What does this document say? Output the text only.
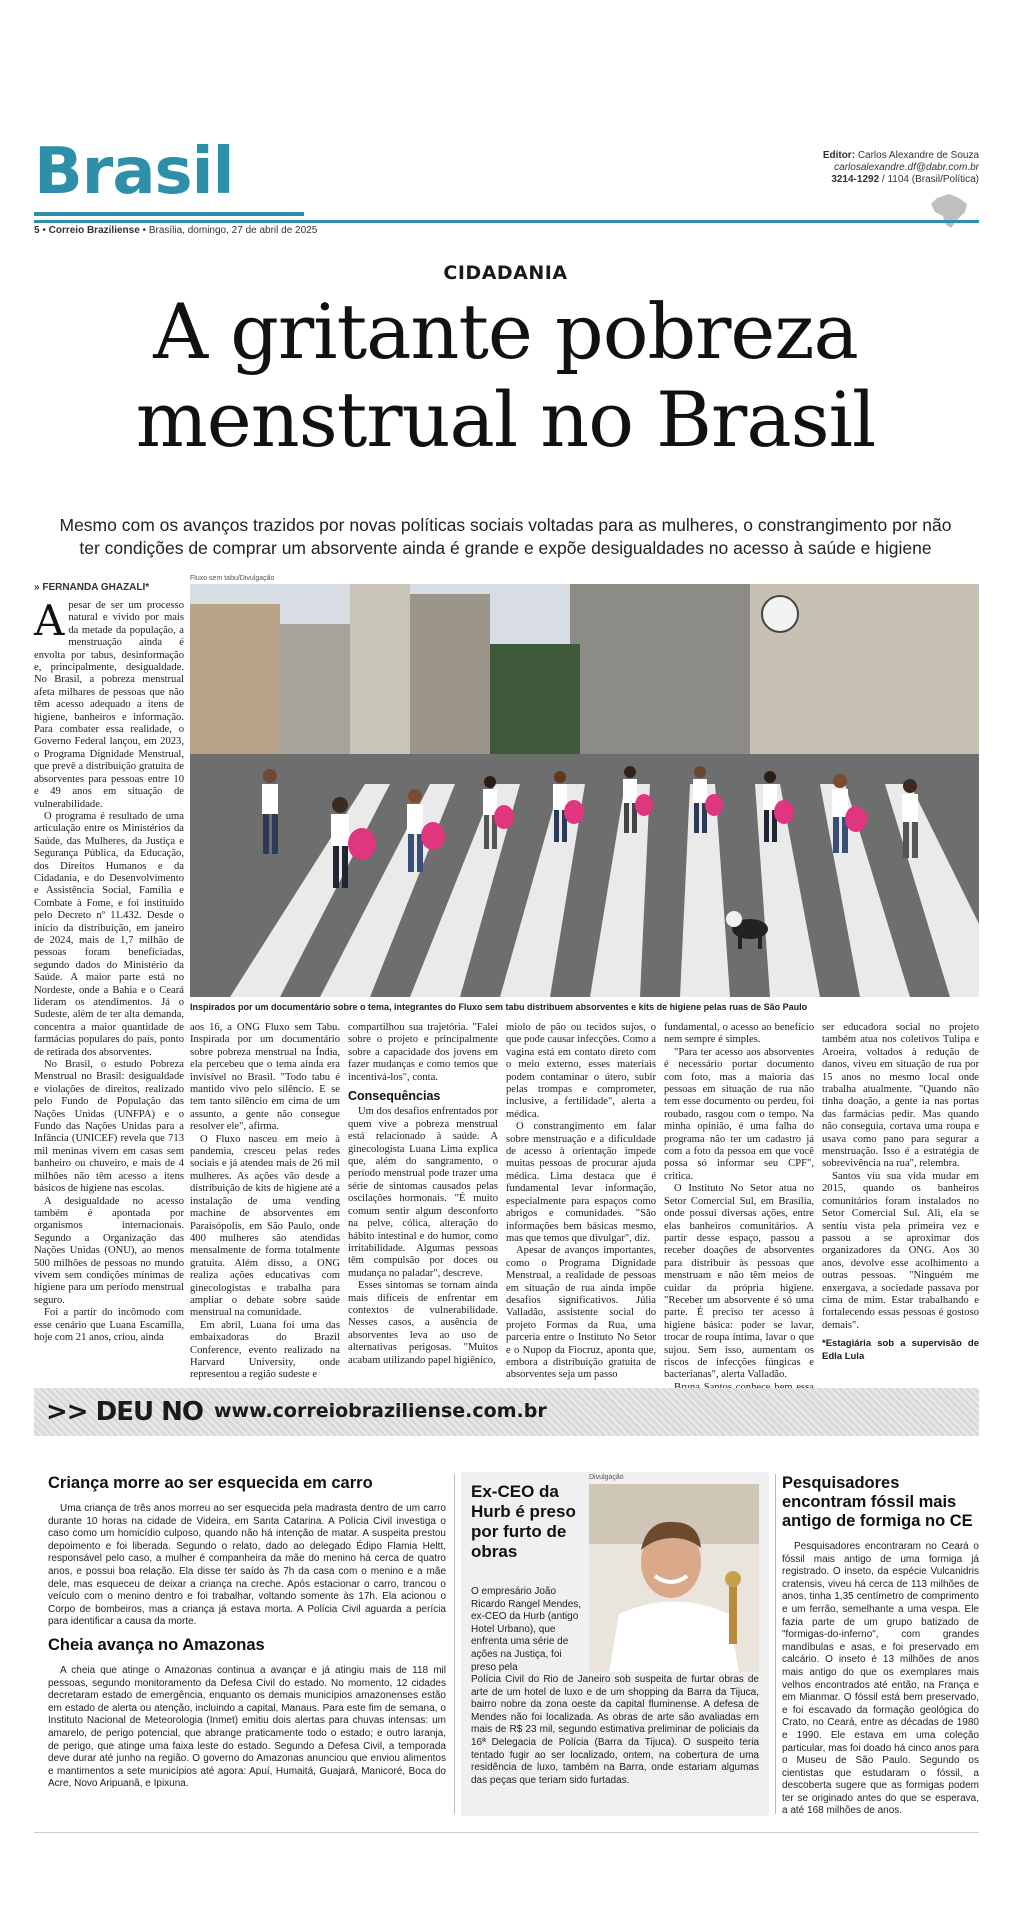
Brasil	Editor: Carlos Alexandre de Souza
carlosalexandre.df@dabr.com.br
3214-1292 / 1104 (Brasil/Política)
5 • Correio Braziliense • Brasília, domingo, 27 de abril de 2025
CIDADANIA
A gritante pobreza
menstrual no Brasil
Mesmo com os avanços trazidos por novas políticas sociais voltadas para as mulheres, o constrangimento por não ter condições de comprar um absorvente ainda é grande e expõe desigualdades no acesso à saúde e higiene
» FERNANDA GHAZALI*

Apesar de ser um processo natural e vivido por mais da metade da população, a menstruação ainda é envolta por tabus, desinformação e, principalmente, desigualdade. No Brasil, a pobreza menstrual afeta milhares de pessoas que não têm acesso adequado a itens de higiene, banheiros e informação. Para combater essa realidade, o Governo Federal lançou, em 2023, o Programa Dignidade Menstrual, que prevê a distribuição gratuita de absorventes para pessoas entre 10 e 49 anos em situação de vulnerabilidade.

O programa é resultado de uma articulação entre os Ministérios da Saúde, das Mulheres, da Justiça e Segurança Pública, da Educação, dos Direitos Humanos e da Cidadania, e do Desenvolvimento e Assistência Social, Família e Combate à Fome, e foi instituído pelo Decreto nº 11.432. Desde o início da distribuição, em janeiro de 2024, mais de 1,7 milhão de pessoas foram beneficiadas, segundo dados do Ministério da Saúde. A maior parte está no Nordeste, onde a Bahia e o Ceará lideram os atendimentos. Já o Sudeste, além de ter alta demanda, concentra a maior quantidade de farmácias populares do país, ponto de retirada dos absorventes.

No Brasil, o estudo Pobreza Menstrual no Brasil: desigualdade e violações de direitos, realizado pelo Fundo de População das Nações Unidas (UNFPA) e o Fundo das Nações Unidas para a Infância (UNICEF) revela que 713 mil meninas vivem em casas sem banheiro ou chuveiro, e mais de 4 milhões não têm acesso a itens básicos de higiene nas escolas.

A desigualdade no acesso também é apontada por organismos internacionais. Segundo a Organização das Nações Unidas (ONU), ao menos 500 milhões de pessoas no mundo vivem sem condições mínimas de higiene para um período menstrual seguro.

Foi a partir do incômodo com esse cenário que Luana Escamilla, hoje com 21 anos, criou, ainda

Fluxo sem tabu/Divulgação
Inspirados por um documentário sobre o tema, integrantes do Fluxo sem tabu distribuem absorventes e kits de higiene pelas ruas de São Paulo

aos 16, a ONG Fluxo sem Tabu. Inspirada por um documentário sobre pobreza menstrual na Índia, ela percebeu que o tema ainda era invisível no Brasil. "Todo tabu é mantido vivo pelo silêncio. E se tem tanto silêncio em cima de um assunto, a gente não consegue resolver ele", afirma.

O Fluxo nasceu em meio à pandemia, cresceu pelas redes sociais e já atendeu mais de 26 mil mulheres. As ações vão desde a distribuição de kits de higiene até a instalação de uma vending machine de absorventes em Paraisópolis, em São Paulo, onde 400 mulheres são atendidas mensalmente de forma totalmente gratuita. Além disso, a ONG realiza ações educativas com ginecologistas e trabalha para ampliar o debate sobre saúde menstrual na comunidade.

Em abril, Luana foi uma das embaixadoras do Brazil Conference, evento realizado na Harvard University, onde representou a região sudeste e

compartilhou sua trajetória. "Falei sobre o projeto e principalmente sobre a capacidade dos jovens em fazer mudanças e como temos que incentivá-los", conta.

Consequências

Um dos desafios enfrentados por quem vive a pobreza menstrual está relacionado à saúde. A ginecologista Luana Lima explica que, além do sangramento, o período menstrual pode trazer uma série de sintomas causados pelas oscilações hormonais. "É muito comum sentir algum desconforto na pelve, cólica, alteração do hábito intestinal e do humor, como irritabilidade. Algumas pessoas têm compulsão por doces ou mudança no paladar", descreve.

Esses sintomas se tornam ainda mais difíceis de enfrentar em contextos de vulnerabilidade. Nesses casos, a ausência de absorventes leva ao uso de alternativas perigosas. "Muitos acabam utilizando papel higiênico,

miolo de pão ou tecidos sujos, o que pode causar infecções. Como a vagina está em contato direto com o meio externo, esses materiais podem contaminar o útero, subir pelas trompas e comprometer, inclusive, a fertilidade", alerta a médica.

O constrangimento em falar sobre menstruação e a dificuldade de acesso à orientação impede muitas pessoas de procurar ajuda médica. Lima destaca que é fundamental levar informação, especialmente para espaços como abrigos e comunidades. "São informações bem básicas mesmo, mas que temos que divulgar", diz.

Apesar de avanços importantes, como o Programa Dignidade Menstrual, a realidade de pessoas em situação de rua ainda impõe desafios significativos. Júlia Valladão, assistente social do projeto Formas da Rua, uma parceria entre o Instituto No Setor e o Nupop da Fiocruz, aponta que, embora a distribuição gratuita de absorventes seja um passo

fundamental, o acesso ao benefício nem sempre é simples.

"Para ter acesso aos absorventes é necessário portar documento com foto, mas a maioria das pessoas em situação de rua não tem esse documento ou perdeu, foi roubado, rasgou com o tempo. Na minha opinião, é uma falha do programa não ter um cadastro já com a foto da pessoa em que você possa só informar seu CPF", critica.

O Instituto No Setor atua no Setor Comercial Sul, em Brasília, onde possui diversas ações, entre elas banheiros comunitários. A partir desse espaço, passou a receber doações de absorventes para distribuir às pessoas que menstruam e não têm meios de cuidar da própria higiene. "Receber um absorvente é só uma parte. É preciso ter acesso à higiene básica: poder se lavar, trocar de roupa íntima, lavar o que sujou. Sem isso, aumentam os riscos de infecções fúngicas e bacterianas", alerta Valladão.

ser educadora social no projeto também atua nos coletivos Tulipa e Aroeira, voltados à redução de danos, viveu em situação de rua por 15 anos no mesmo local onde trabalha atualmente. "Quando não tinha doação, a gente ia nas portas das farmácias pedir. Mas quando não conseguia, cortava uma roupa e usava como pano para segurar a menstruação. Isso é a estratégia de sobrevivência na rua", relembra.

Santos viu sua vida mudar em 2015, quando os banheiros comunitários foram instalados no Setor Comercial Sul. Ali, ela se sentiu vista pela primeira vez e passou a se aproximar dos organizadores da ONG. Aos 30 anos, devolve esse acolhimento a outras pessoas. "Ninguém me enxergava, a sociedade passava por cima de mim. Estar trabalhando e fortalecendo essas pessoas é gostoso demais".

*Estagiária sob a supervisão de Edla Lula
>> DEU NO www.correiobraziliense.com.br
Criança morre ao ser esquecida em carro
Uma criança de três anos morreu ao ser esquecida pela madrasta dentro de um carro durante 10 horas na cidade de Videira, em Santa Catarina. A Polícia Civil investiga o caso como um homicídio culposo, quando não há intenção de matar. A suspeita prestou depoimento e foi liberada. Segundo o relato, dado ao delegado Édipo Flamia Heltt, responsável pelo caso, a mulher é companheira da mãe do menino há cerca de quatro anos, e possui boa relação. Ela disse ter saído às 7h da casa com o menino e a mãe dele, mas esqueceu de deixar a criança na creche. Após estacionar o carro, trancou o veículo com o menino dentro e foi trabalhar, voltando somente às 17h. Ela acionou o Corpo de bombeiros, mas a criança já estava morta. A Polícia Civil aguarda a perícia para identificar a causa da morte.
Cheia avança no Amazonas
A cheia que atinge o Amazonas continua a avançar e já atingiu mais de 118 mil pessoas, segundo monitoramento da Defesa Civil do estado. No momento, 12 cidades decretaram estado de emergência, enquanto os demais municípios amazonenses estão em estado de alerta ou atenção, incluindo a capital, Manaus. Para este fim de semana, o Instituto Nacional de Meteorologia (Inmet) emitiu dois alertas para chuvas intensas: um amarelo, de perigo potencial, que abrange praticamente todo o estado; e outro laranja, de perigo, que atinge uma faixa leste do estado. Segundo a Defesa Civil, a temporada deve durar até junho na região. O governo do Amazonas anunciou que enviou alimentos e mantimentos a sete municípios até agora: Apuí, Humaitá, Guajará, Manicoré, Boca do Acre, Novo Aripuanã, e Ipixuna.
Ex-CEO da Hurb é preso por furto de obras
Divulgação
O empresário João Ricardo Rangel Mendes, ex-CEO da Hurb (antigo Hotel Urbano), que enfrenta uma série de ações na Justiça, foi preso pela
Polícia Civil do Rio de Janeiro sob suspeita de furtar obras de arte de um hotel de luxo e de um shopping da Barra da Tijuca, bairro nobre da zona oeste da capital fluminense. A defesa de Mendes não foi localizada. As obras de arte são avaliadas em mais de R$ 23 mil, segundo estimativa preliminar de policiais da 16ª Delegacia de Polícia (Barra da Tijuca). O suspeito teria tentado fugir ao ser localizado, ontem, na cobertura de uma residência de luxo, também na Barra, onde estariam algumas das peças que teriam sido furtadas.
Pesquisadores encontram fóssil mais antigo de formiga no CE
Pesquisadores encontraram no Ceará o fóssil mais antigo de uma formiga já registrado. O inseto, da espécie Vulcanidris cratensis, viveu há cerca de 113 milhões de anos, tinha 1,35 centímetro de comprimento e um ferrão, semelhante a uma vespa. Ele fazia parte de um grupo batizado de "formigas-do-inferno", com grandes mandíbulas e asas, e foi preservado em calcário. O inseto é 13 milhões de anos mais antigo do que os exemplares mais velhos encontrados até então, na França e em Mianmar. O fóssil está bem preservado, e foi escavado da formação geológica do Crato, no Ceará, entre as décadas de 1980 e 1990. Ele estava em uma coleção particular, mas foi doado há cinco anos para o Museu de São Paulo. Segundo os cientistas que estudaram o fóssil, a descoberta sugere que as formigas podem ter se originado antes do que se esperava, a até 168 milhões de anos.
